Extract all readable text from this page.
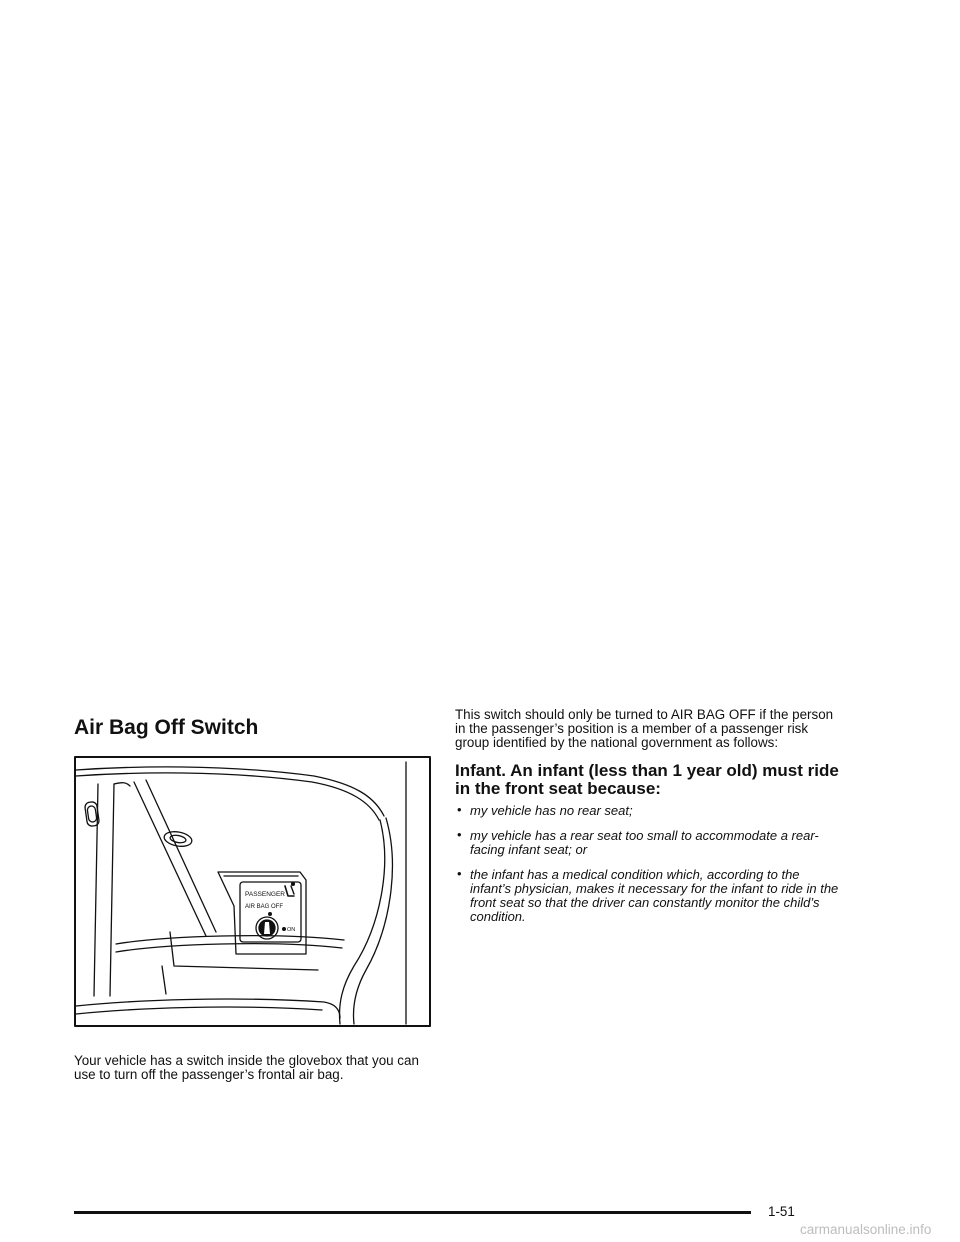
Air Bag Off Switch
PASSENGER
AIR BAG OFF
ON

Your vehicle has a switch inside the glovebox that you can use to turn off the passenger’s frontal air bag.

This switch should only be turned to AIR BAG OFF if the person in the passenger’s position is a member of a passenger risk group identified by the national government as follows:

Infant. An infant (less than 1 year old) must ride in the front seat because:
• my vehicle has no rear seat;
• my vehicle has a rear seat too small to accommodate a rear-facing infant seat; or
• the infant has a medical condition which, according to the infant’s physician, makes it necessary for the infant to ride in the front seat so that the driver can constantly monitor the child’s condition.
1-51
carmanualsonline.info
